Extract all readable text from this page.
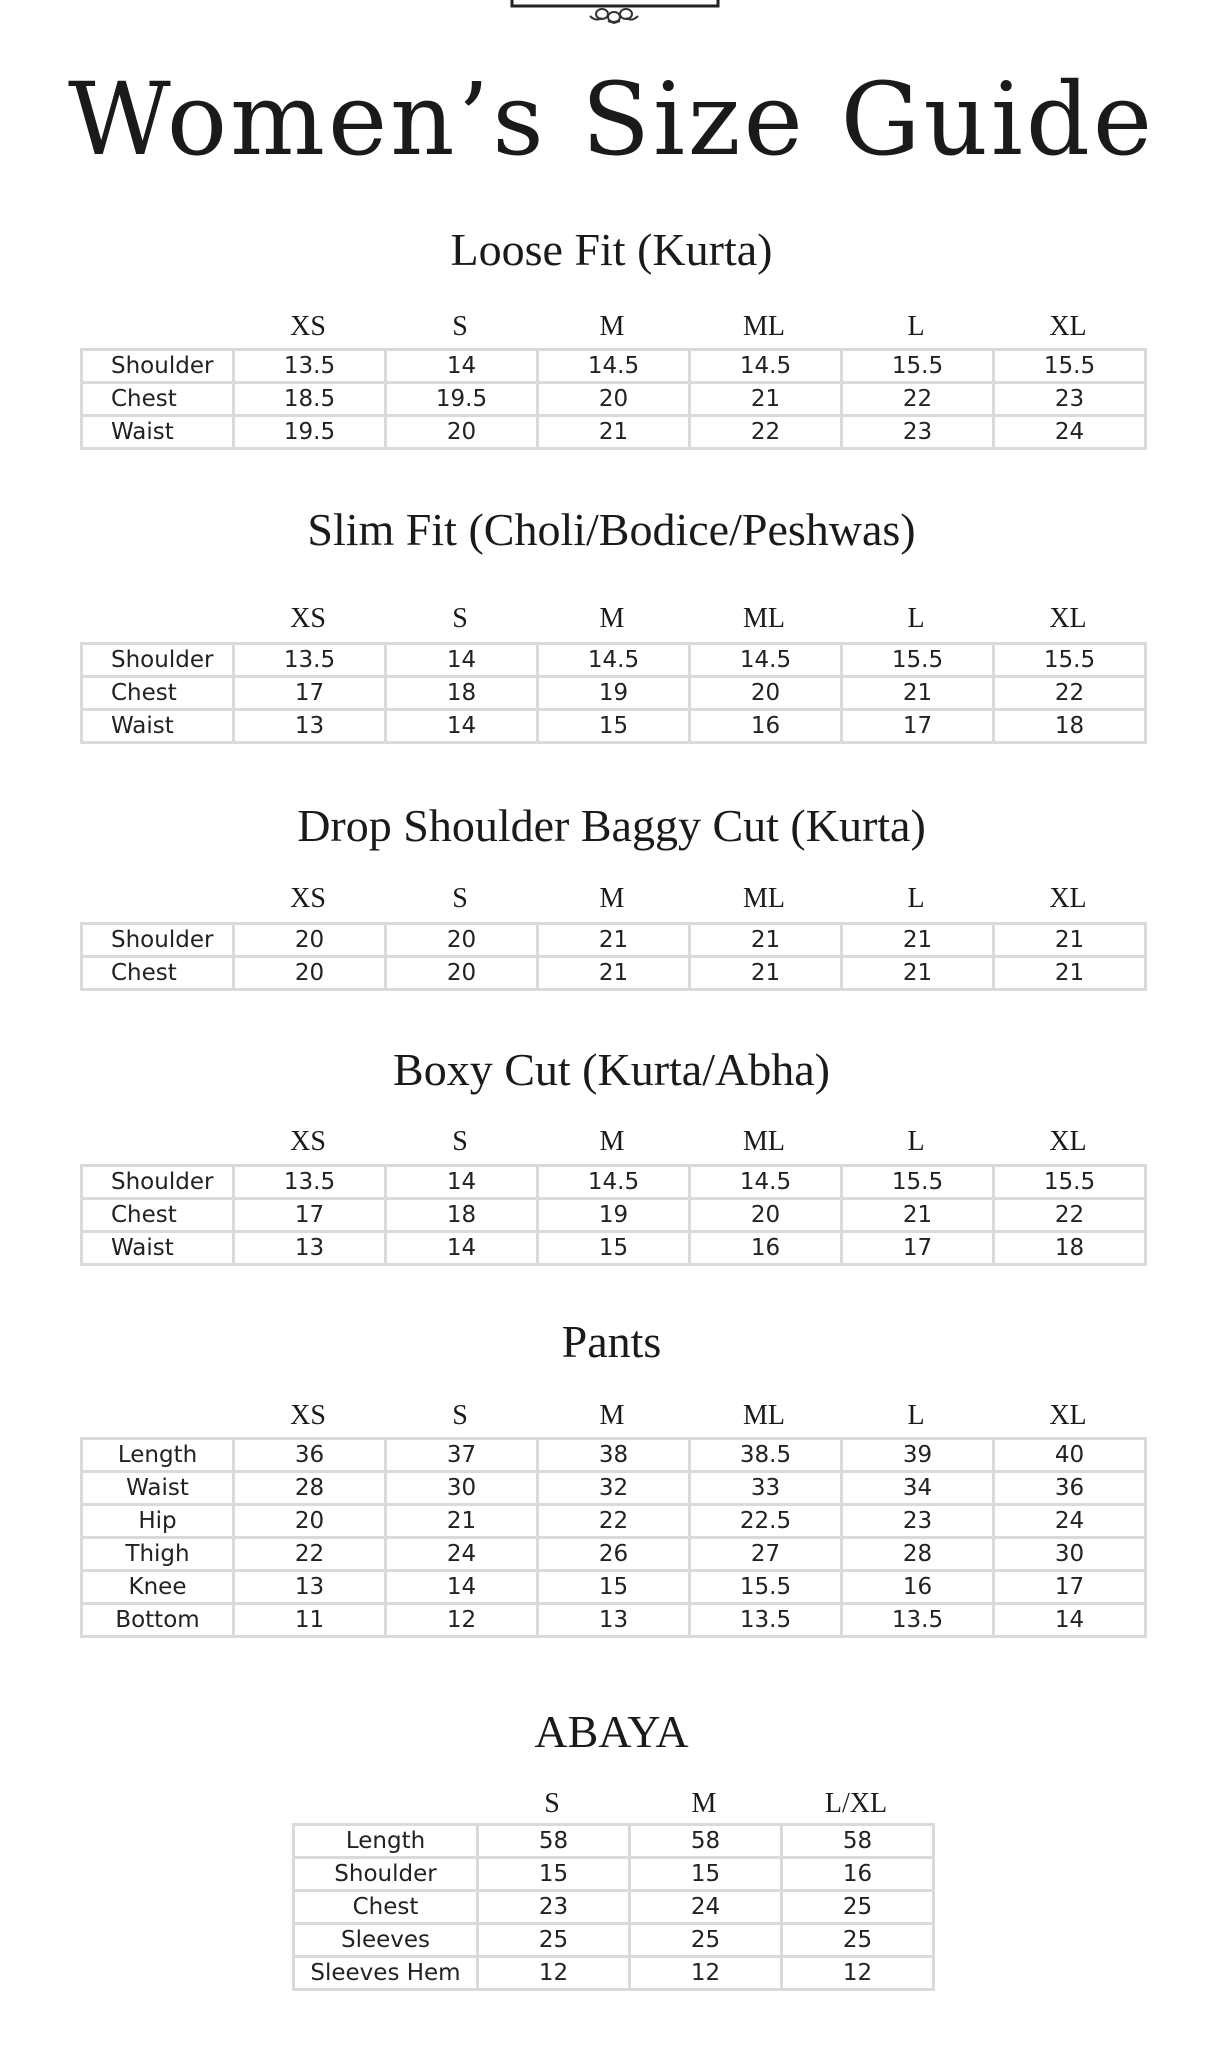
Women’s Size Guide
Loose Fit (Kurta)
XS	S	M	ML	L	XL
Shoulder	13.5	14	14.5	14.5	15.5	15.5
Chest	18.5	19.5	20	21	22	23
Waist	19.5	20	21	22	23	24
Slim Fit (Choli/Bodice/Peshwas)
XS	S	M	ML	L	XL
Shoulder	13.5	14	14.5	14.5	15.5	15.5
Chest	17	18	19	20	21	22
Waist	13	14	15	16	17	18
Drop Shoulder Baggy Cut (Kurta)
XS	S	M	ML	L	XL
Shoulder	20	20	21	21	21	21
Chest	20	20	21	21	21	21
Boxy Cut (Kurta/Abha)
XS	S	M	ML	L	XL
Shoulder	13.5	14	14.5	14.5	15.5	15.5
Chest	17	18	19	20	21	22
Waist	13	14	15	16	17	18
Pants
XS	S	M	ML	L	XL
Length	36	37	38	38.5	39	40
Waist	28	30	32	33	34	36
Hip	20	21	22	22.5	23	24
Thigh	22	24	26	27	28	30
Knee	13	14	15	15.5	16	17
Bottom	11	12	13	13.5	13.5	14
ABAYA
S	M	L/XL
Length	58	58	58
Shoulder	15	15	16
Chest	23	24	25
Sleeves	25	25	25
Sleeves Hem	12	12	12
